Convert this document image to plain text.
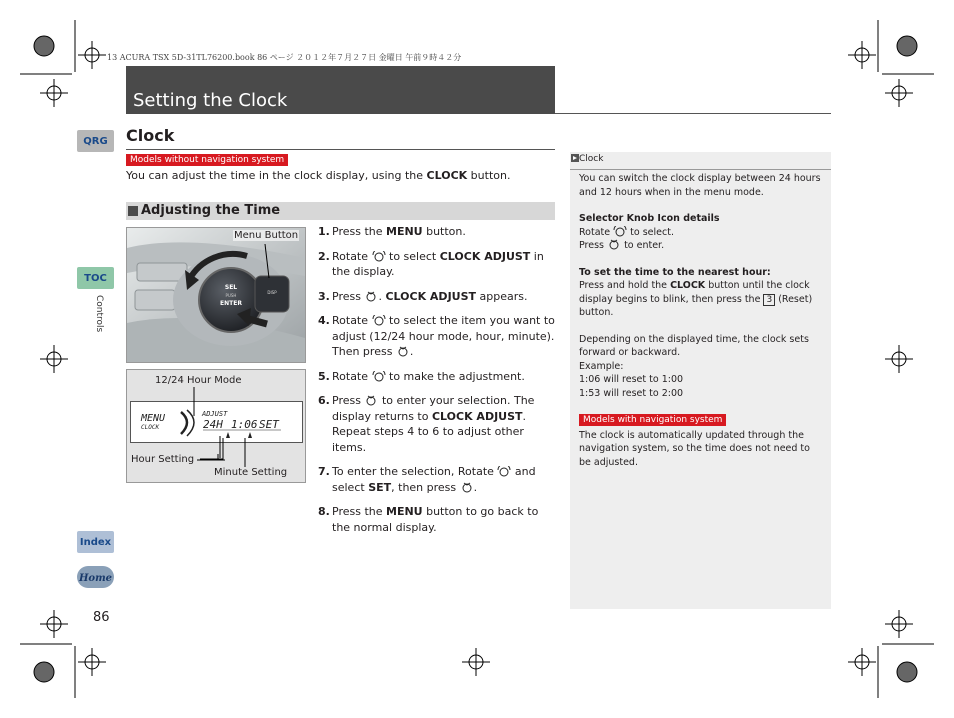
13 ACURA TSX 5D-31TL76200.book 86 ページ ２０１２年７月２７日 金曜日 午前９時４２分
Setting the Clock
QRG
TOC
Controls
Index
Home
86
Clock
Models without navigation system
You can adjust the time in the clock display, using the CLOCK button.
Adjusting the Time
SEL
PUSH
ENTER
DISP
Menu Button
12/24 Hour Mode
MENU
CLOCK
ADJUST
24H 1:06 SET
Hour Setting
Minute Setting
1. Press the MENU button.
2. Rotate  to select CLOCK ADJUST in the display.
3. Press . CLOCK ADJUST appears.
4. Rotate  to select the item you want to adjust (12/24 hour mode, hour, minute). Then press .
5. Rotate  to make the adjustment.
6. Press  to enter your selection. The display returns to CLOCK ADJUST. Repeat steps 4 to 6 to adjust other items.
7. To enter the selection, Rotate  and select SET, then press .
8. Press the MENU button to go back to the normal display.
Clock

You can switch the clock display between 24 hours and 12 hours when in the menu mode.

Selector Knob Icon details
Rotate  to select.
Press  to enter.

To set the time to the nearest hour:
Press and hold the CLOCK button until the clock display begins to blink, then press the 3 (Reset) button.

Depending on the displayed time, the clock sets forward or backward.
Example:
1:06 will reset to 1:00
1:53 will reset to 2:00

Models with navigation system

The clock is automatically updated through the navigation system, so the time does not need to be adjusted.
